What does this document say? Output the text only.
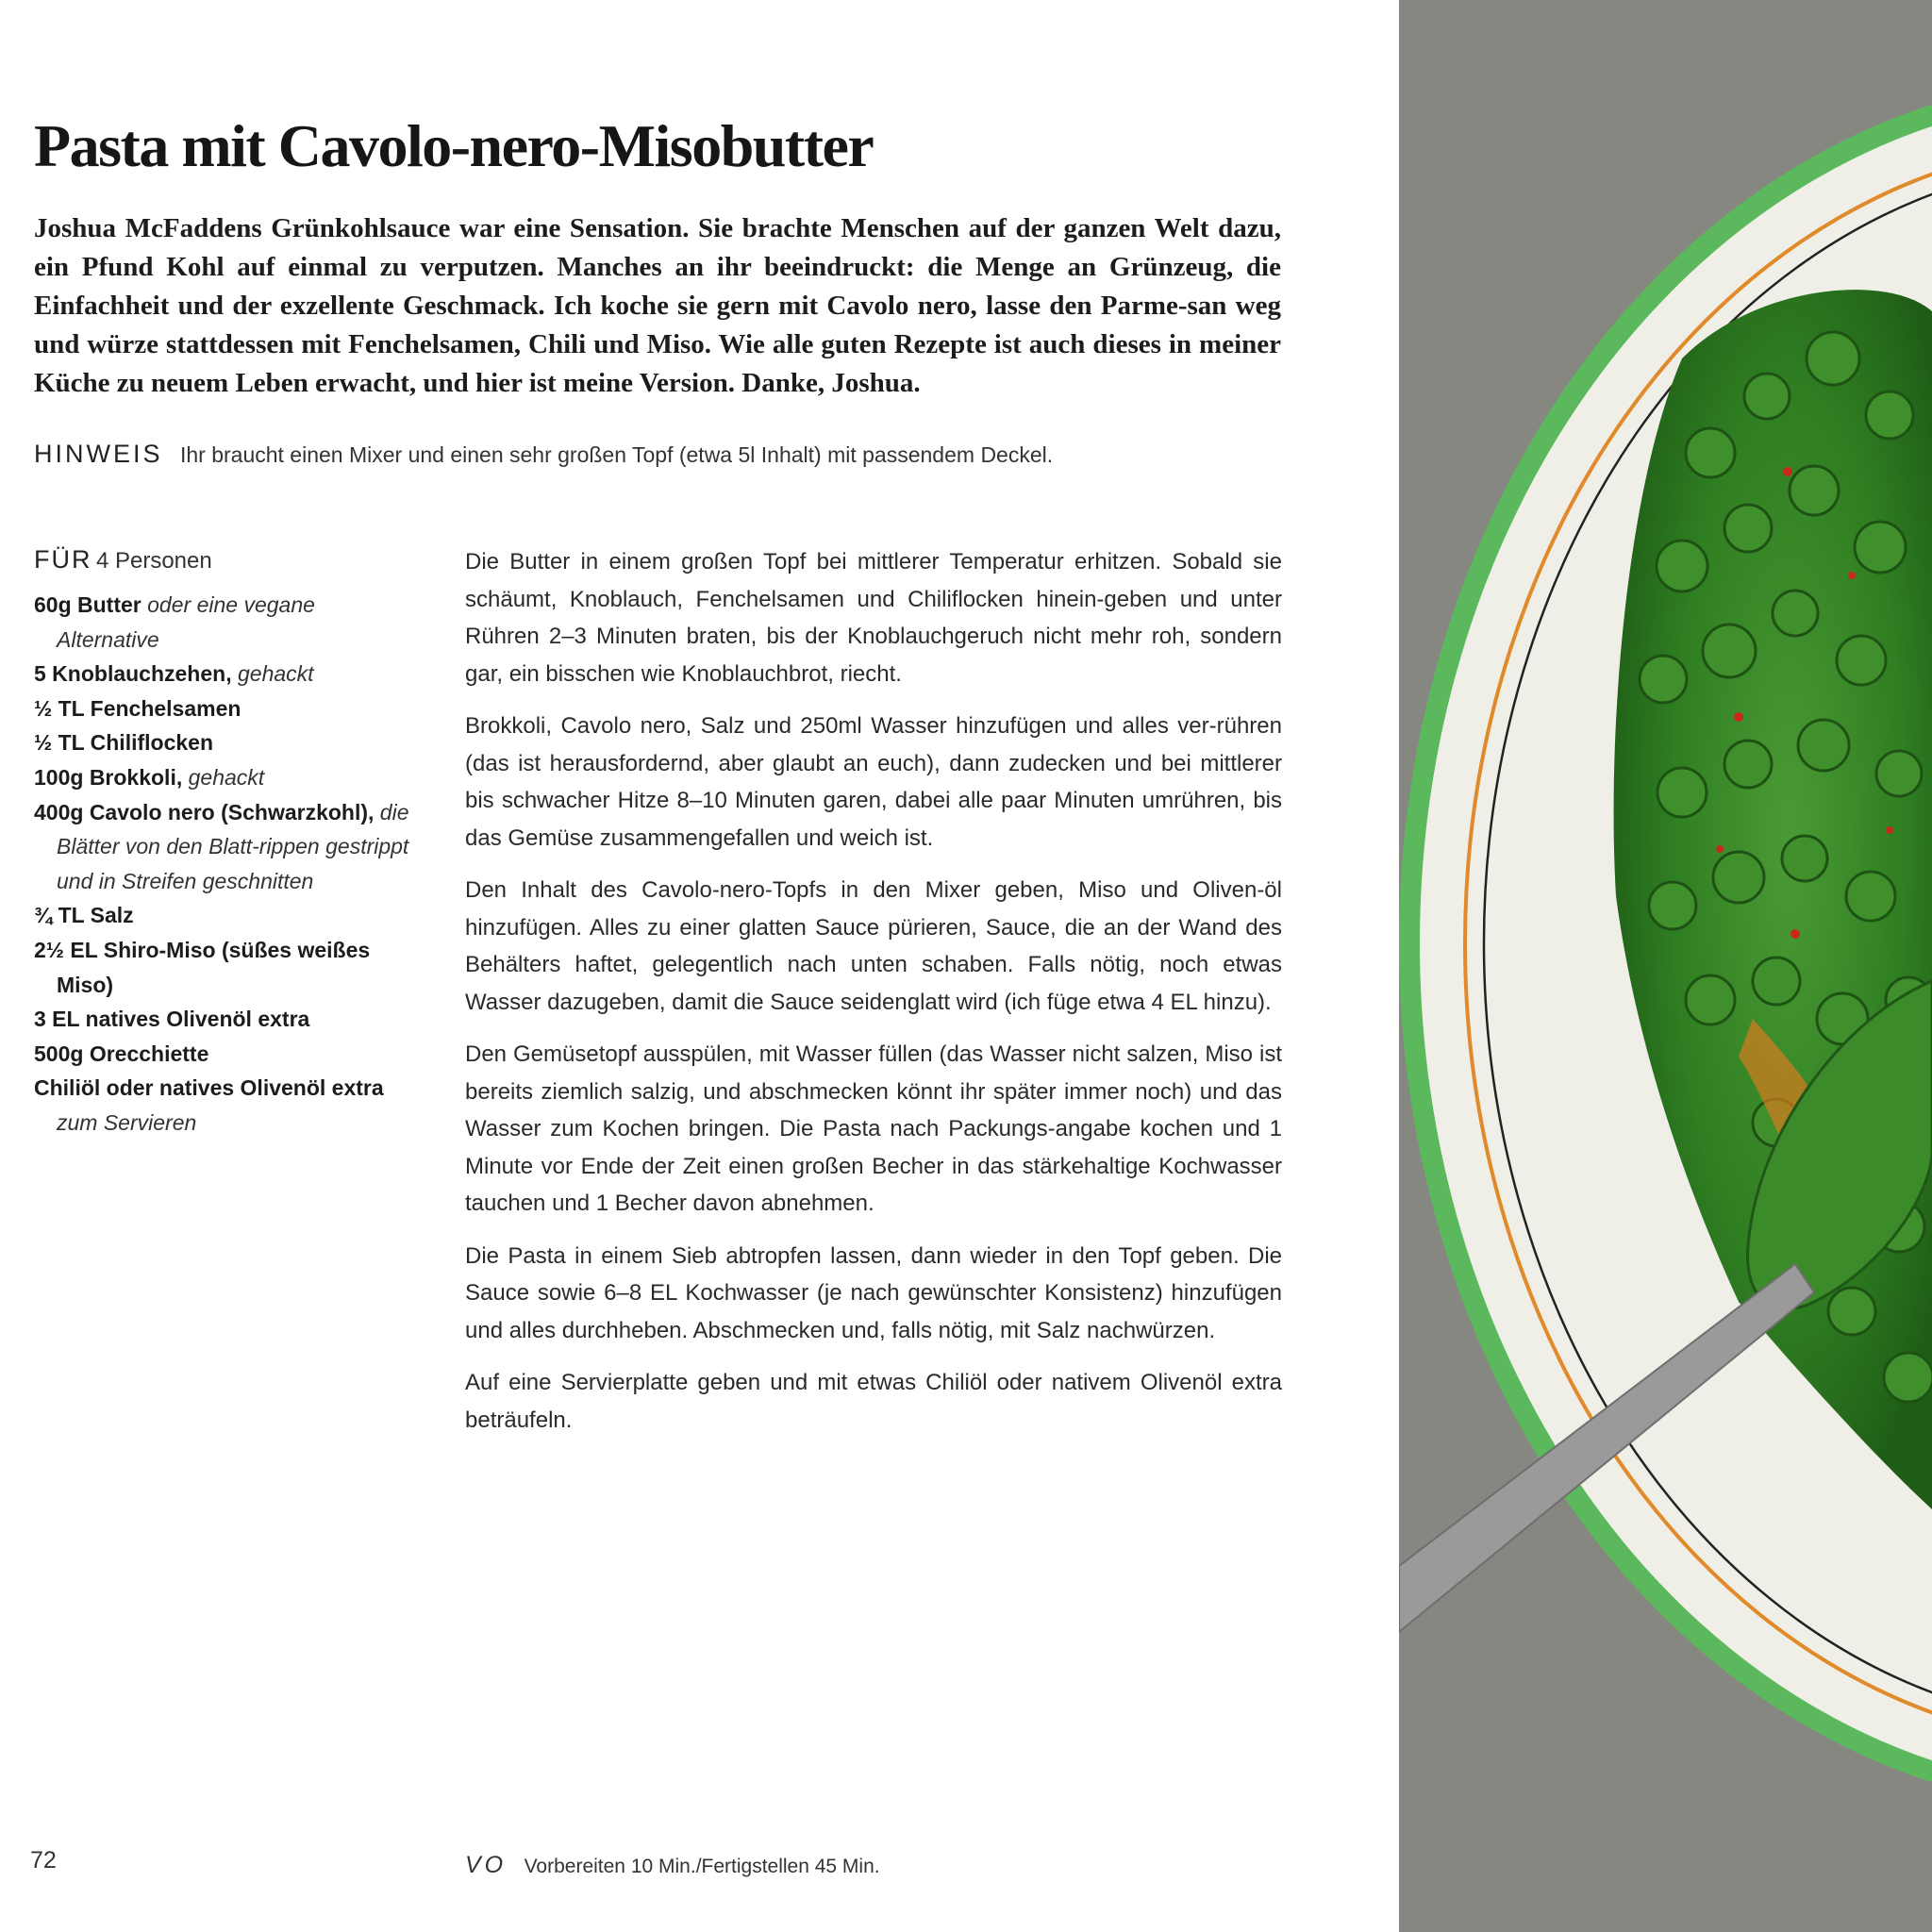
Pasta mit Cavolo-nero-Misobutter

Joshua McFaddens Grünkohlsauce war eine Sensation. Sie brachte Menschen auf der ganzen Welt dazu, ein Pfund Kohl auf einmal zu verputzen. Manches an ihr beeindruckt: die Menge an Grünzeug, die Einfachheit und der exzellente Geschmack. Ich koche sie gern mit Cavolo nero, lasse den Parme-san weg und würze stattdessen mit Fenchelsamen, Chili und Miso. Wie alle guten Rezepte ist auch dieses in meiner Küche zu neuem Leben erwacht, und hier ist meine Version. Danke, Joshua.

HINWEIS Ihr braucht einen Mixer und einen sehr großen Topf (etwa 5l Inhalt) mit passendem Deckel.
FÜR 4 Personen
60g Butter oder eine vegane Alternative
5 Knoblauchzehen, gehackt
½ TL Fenchelsamen
½ TL Chiliflocken
100g Brokkoli, gehackt
400g Cavolo nero (Schwarzkohl), die Blätter von den Blatt-rippen gestrippt und in Streifen geschnitten
¾ TL Salz
2½ EL Shiro-Miso (süßes weißes Miso)
3 EL natives Olivenöl extra
500g Orecchiette
Chiliöl oder natives Olivenöl extra zum Servieren

Die Butter in einem großen Topf bei mittlerer Temperatur erhitzen. Sobald sie schäumt, Knoblauch, Fenchelsamen und Chiliflocken hinein-geben und unter Rühren 2–3 Minuten braten, bis der Knoblauchgeruch nicht mehr roh, sondern gar, ein bisschen wie Knoblauchbrot, riecht.

Brokkoli, Cavolo nero, Salz und 250ml Wasser hinzufügen und alles ver-rühren (das ist herausfordernd, aber glaubt an euch), dann zudecken und bei mittlerer bis schwacher Hitze 8–10 Minuten garen, dabei alle paar Minuten umrühren, bis das Gemüse zusammengefallen und weich ist.

Den Inhalt des Cavolo-nero-Topfs in den Mixer geben, Miso und Oliven-öl hinzufügen. Alles zu einer glatten Sauce pürieren, Sauce, die an der Wand des Behälters haftet, gelegentlich nach unten schaben. Falls nötig, noch etwas Wasser dazugeben, damit die Sauce seidenglatt wird (ich füge etwa 4 EL hinzu).

Den Gemüsetopf ausspülen, mit Wasser füllen (das Wasser nicht salzen, Miso ist bereits ziemlich salzig, und abschmecken könnt ihr später immer noch) und das Wasser zum Kochen bringen. Die Pasta nach Packungs-angabe kochen und 1 Minute vor Ende der Zeit einen großen Becher in das stärkehaltige Kochwasser tauchen und 1 Becher davon abnehmen.

Die Pasta in einem Sieb abtropfen lassen, dann wieder in den Topf geben. Die Sauce sowie 6–8 EL Kochwasser (je nach gewünschter Konsistenz) hinzufügen und alles durchheben. Abschmecken und, falls nötig, mit Salz nachwürzen.

Auf eine Servierplatte geben und mit etwas Chiliöl oder nativem Olivenöl extra beträufeln.

72	VO Vorbereiten 10 Min./Fertigstellen 45 Min.
